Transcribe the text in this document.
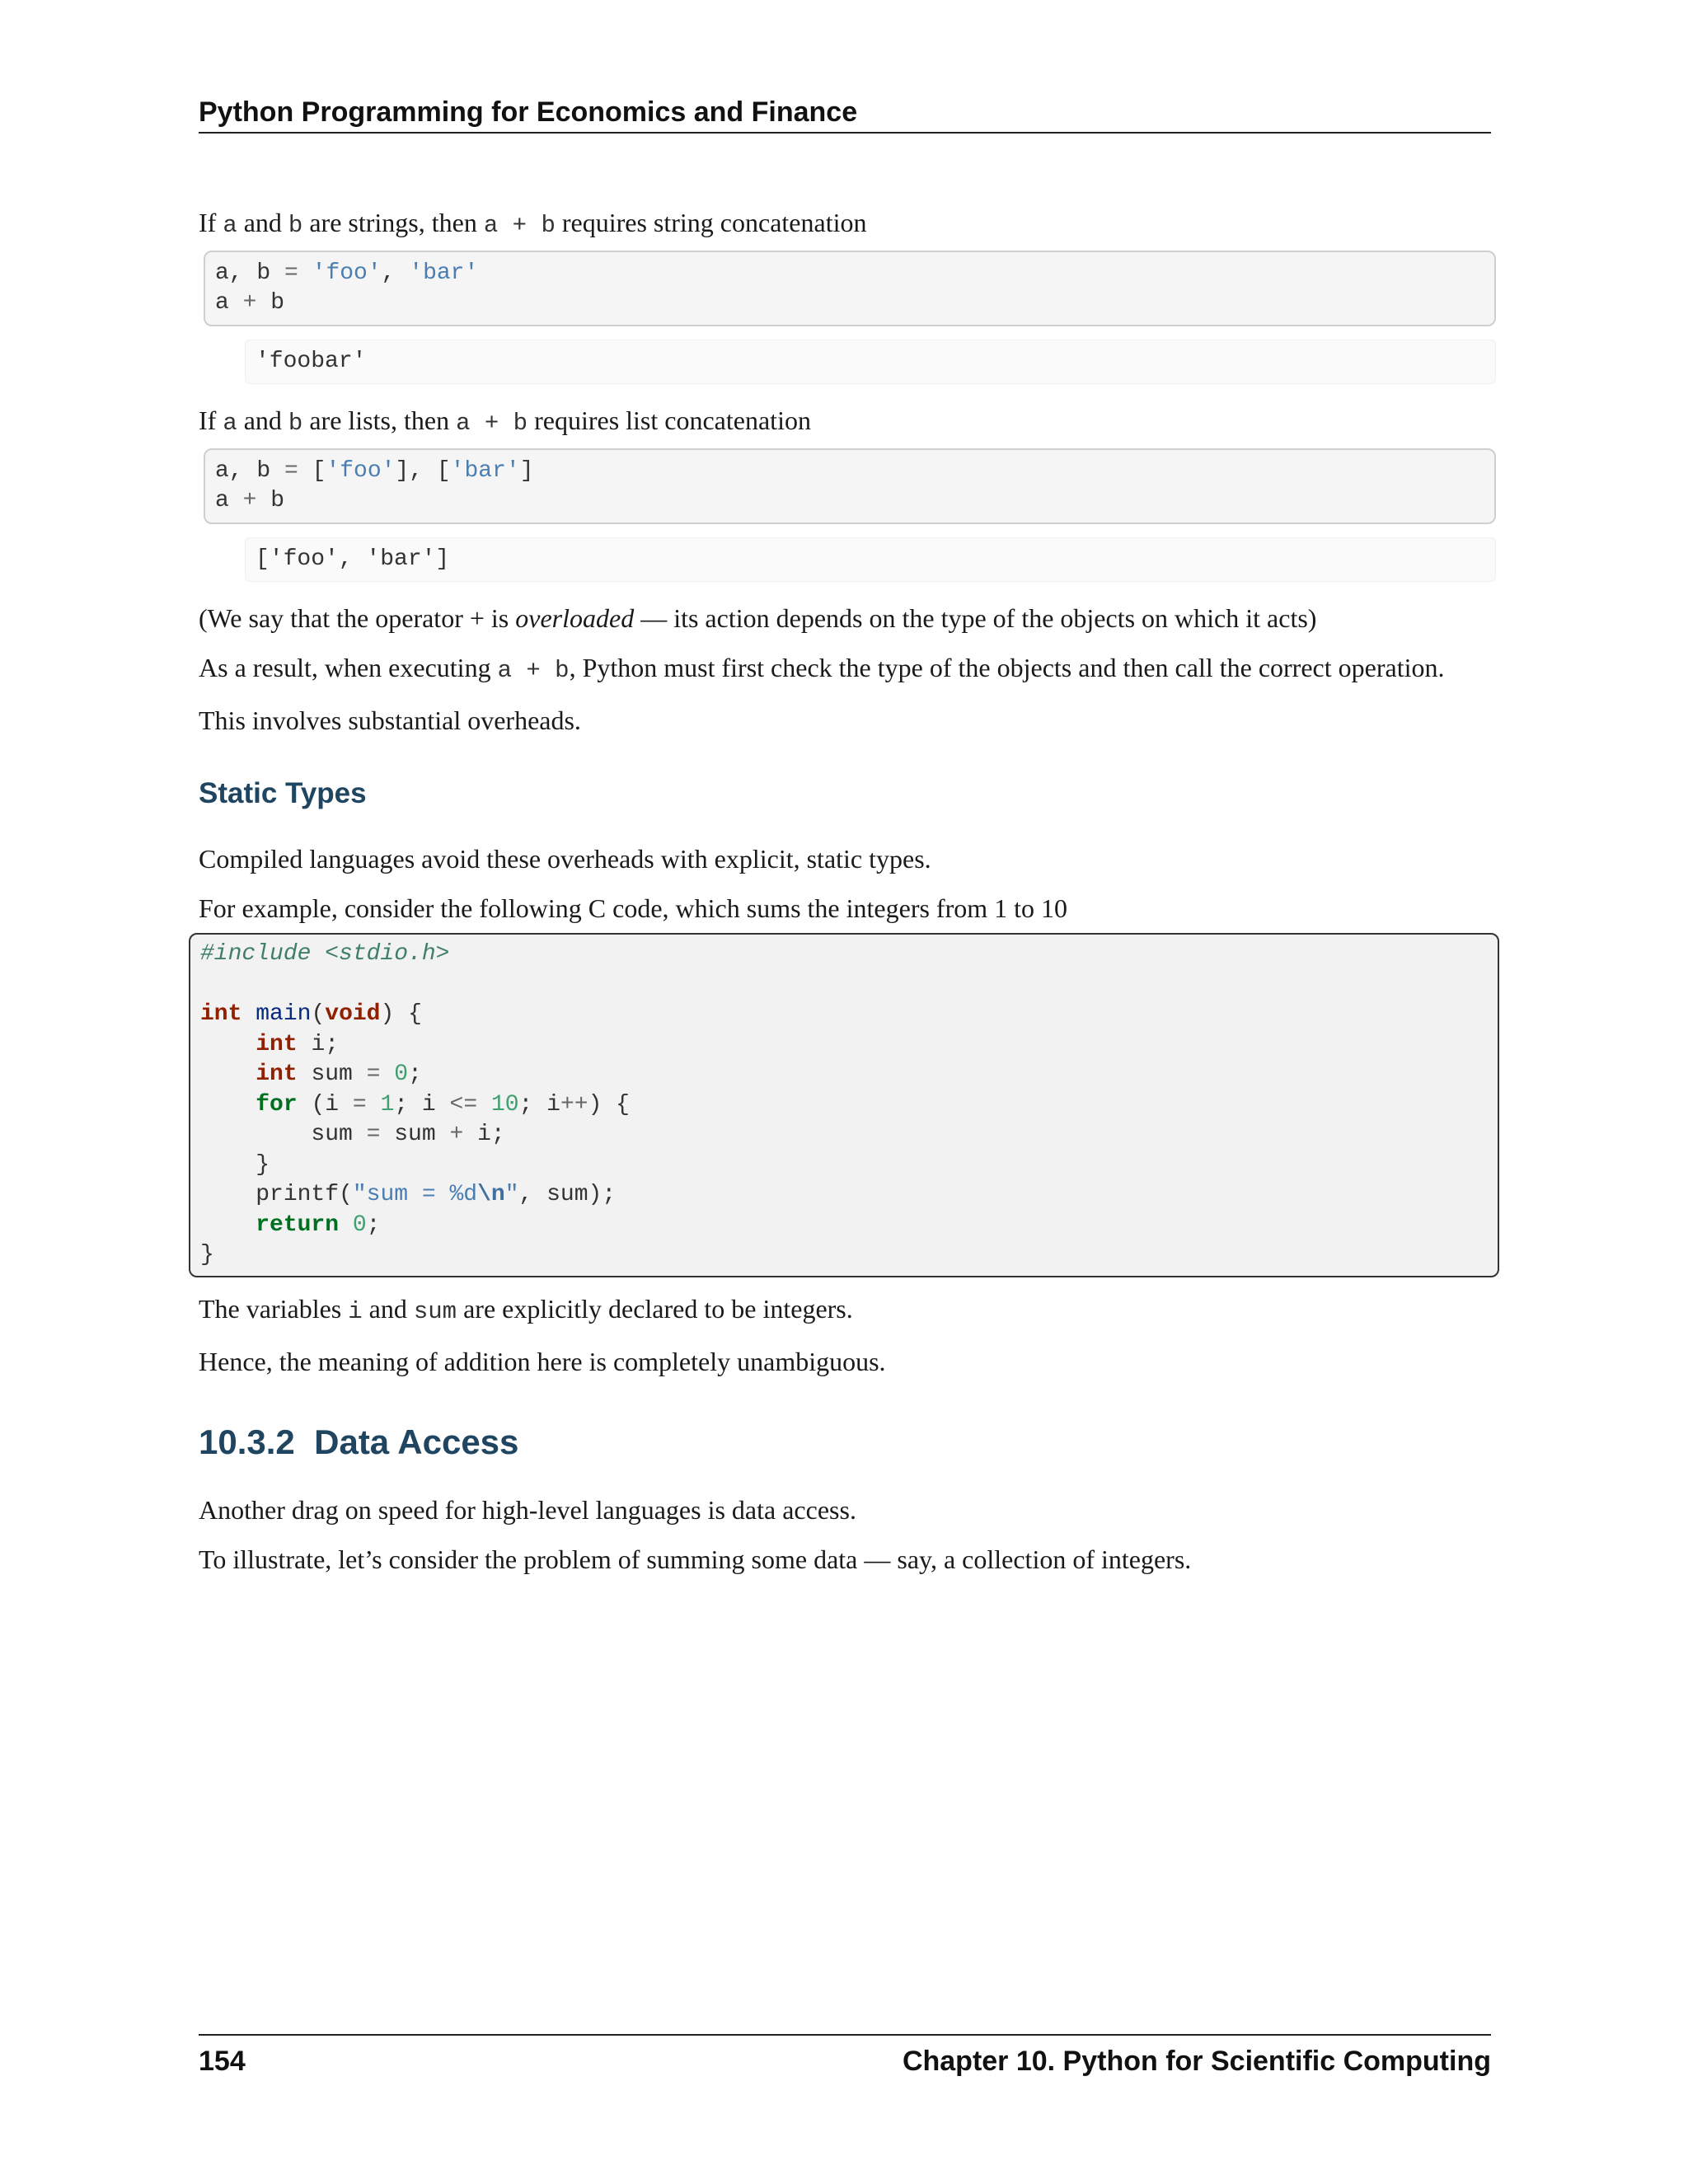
Python Programming for Economics and Finance

If a and b are strings, then a + b requires string concatenation

a, b = 'foo', 'bar'
a + b
'foobar'

If a and b are lists, then a + b requires list concatenation

a, b = ['foo'], ['bar']
a + b
['foo', 'bar']

(We say that the operator + is overloaded — its action depends on the type of the objects on which it acts)

As a result, when executing a + b, Python must first check the type of the objects and then call the correct operation.

This involves substantial overheads.

Static Types

Compiled languages avoid these overheads with explicit, static types.

For example, consider the following C code, which sums the integers from 1 to 10

#include <stdio.h>

int main(void) {
int i;
int sum = 0;
for (i = 1; i <= 10; i++) {
sum = sum + i;
}
printf("sum = %d\n", sum);
return 0;
}

The variables i and sum are explicitly declared to be integers.

Hence, the meaning of addition here is completely unambiguous.

10.3.2 Data Access

Another drag on speed for high-level languages is data access.

To illustrate, let’s consider the problem of summing some data — say, a collection of integers.

154	Chapter 10. Python for Scientific Computing
